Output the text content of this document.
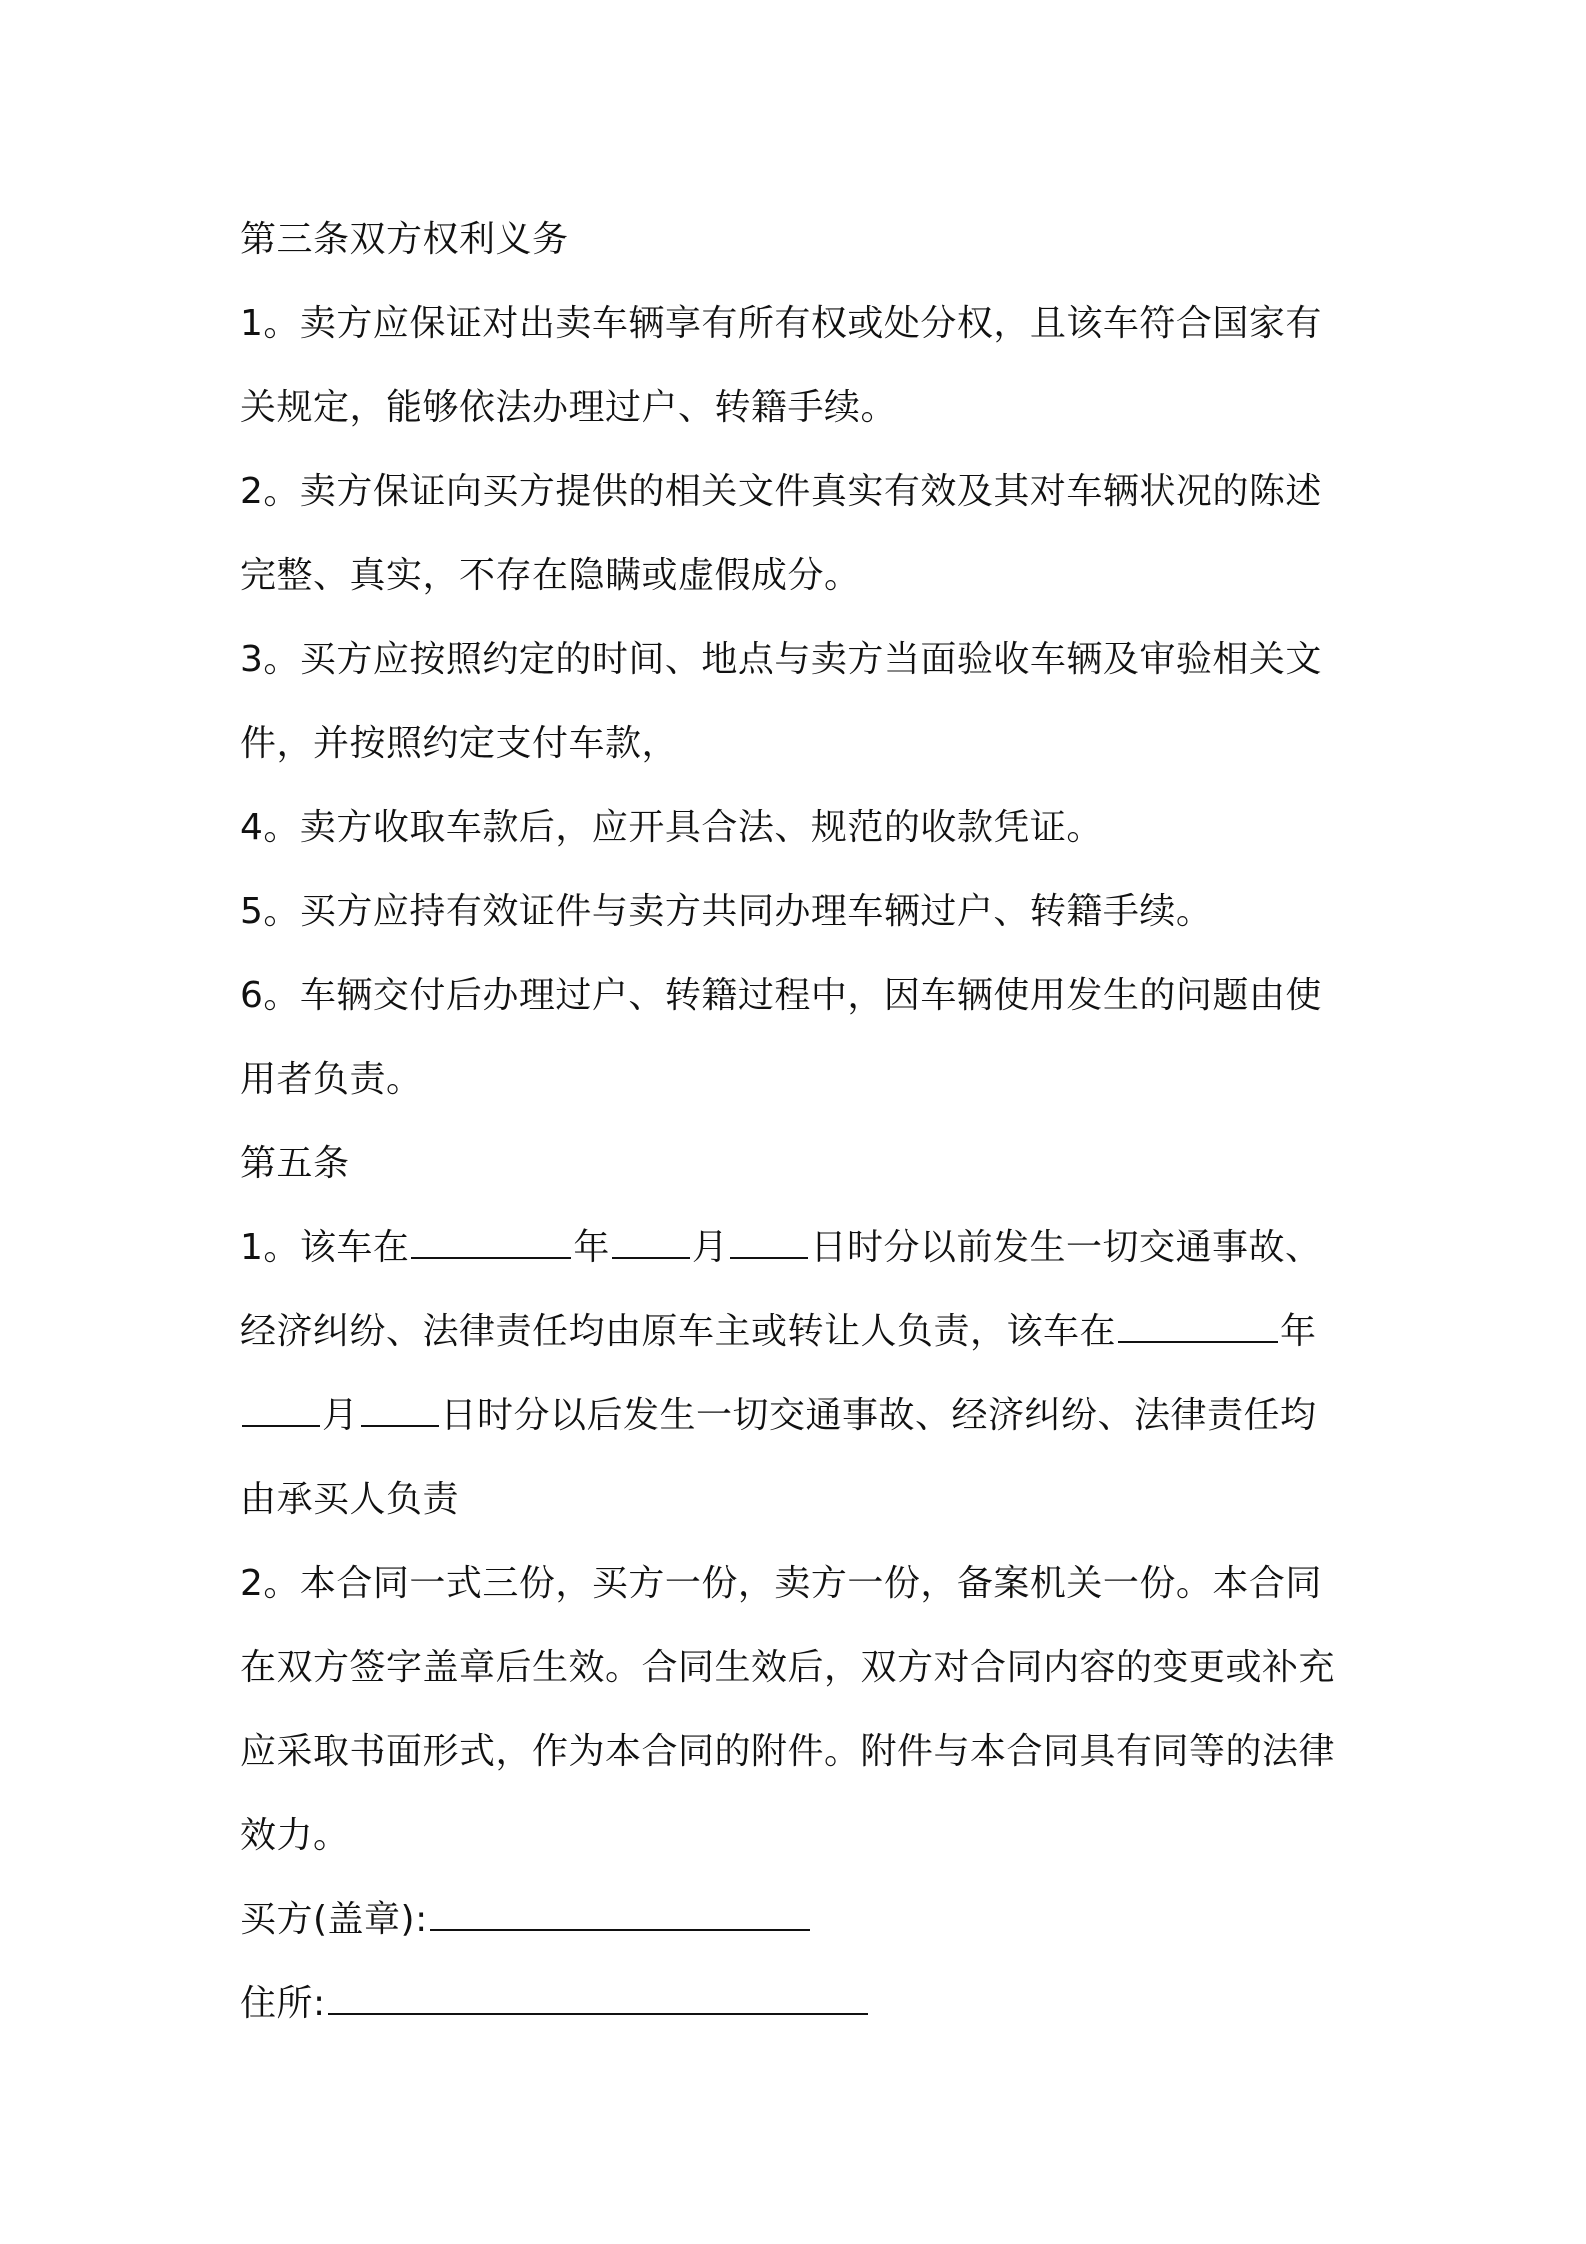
第三条双方权利义务
1。卖方应保证对出卖车辆享有所有权或处分权，且该车符合国家有
关规定，能够依法办理过户、转籍手续。
2。卖方保证向买方提供的相关文件真实有效及其对车辆状况的陈述
完整、真实，不存在隐瞒或虚假成分。
3。买方应按照约定的时间、地点与卖方当面验收车辆及审验相关文
件，并按照约定支付车款，
4。卖方收取车款后，应开具合法、规范的收款凭证。
5。买方应持有效证件与卖方共同办理车辆过户、转籍手续。
6。车辆交付后办理过户、转籍过程中，因车辆使用发生的问题由使
用者负责。
第五条
1。该车在	年 月 日时分以前发生一切交通事故、
经济纠纷、法律责任均由原车主或转让人负责，该车在	年
月 日时分以后发生一切交通事故、经济纠纷、法律责任均
由承买人负责
2。本合同一式三份，买方一份，卖方一份，备案机关一份。本合同
在双方签字盖章后生效。合同生效后，双方对合同内容的变更或补充
应采取书面形式，作为本合同的附件。附件与本合同具有同等的法律
效力。
买方(盖章):
住所:
